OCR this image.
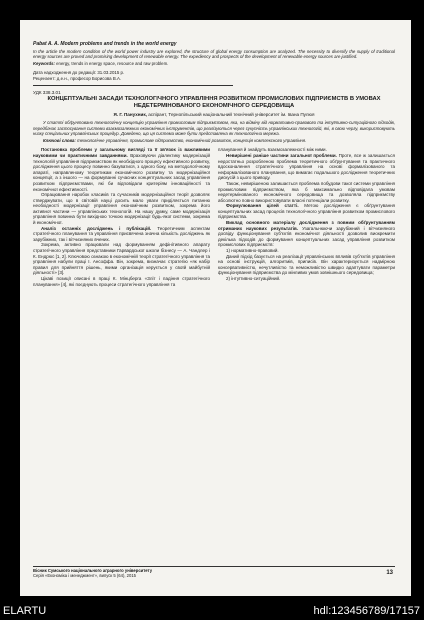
Pabat A. A. Modern problems and trends in the world energy
In the article the modern condition of the world power industry are explored, the structure of global energy consumption are analyzed. The necessity to diversify the supply of traditional energy sources are proved and promising development of renewable energy. The expediency and prospects of the development of renewable energy sources are justified.
Keywords: energy, trends in energy space, resource and raw problem.
Дата надходження до редакції: 31.03.2015 р.
Рецензент: д.е.н., професор Борисова В.А.
УДК 338.3.01
КОНЦЕПТУАЛЬНІ ЗАСАДИ ТЕХНОЛОГІЧНОГО УПРАВЛІННЯ РОЗВИТКОМ ПРОМИСЛОВИХ ПІДПРИЄМСТВ В УМОВАХ НЕДЕТЕРМІНОВАНОГО ЕКОНОМІЧНОГО СЕРЕДОВИЩА
Я. Г. Панухник, аспірант, Тернопільський національний технічний університет ім. Івана Пулюя
У статті обґрунтовано технологічну концепцію управління промисловим підприємством, яка, на відміну від нормативно-правового та інтуїтивно-ситуаційного підходів, передбачає застосування системи взаємозалежних економічних інструментів, що реалізуються через сукупність управлінських технологій, які, в свою чергу, використовують низку спеціальних управлінських процедур. Доведено, що ця система може бути представлена як технологічна мережа.
Ключові слова: технологічне управління, промислове підприємство, економічний розвиток, концепція комплексного управління.

Постановка проблеми у загальному вигляді та її зв'язок із важливими науковими чи практичними завданнями. Враховуючи діалектику модернізацій технологій управління підприємством як необхідного процесу ефективного розвитку, дослідження цього процесу повинно базуватися, з одного боку, на методологічному апараті, направленому теоретикам економічного розвитку та модернізаційної концепції, а з іншого — на формуванні сучасних концептуальних засад управління розвитком підприємствами, які би відповідали критеріям інноваційності та економічної ефективності.

Опрацювання наробок класиків та сучасників модернізаційної теорії дозволяє стверджувати, що в світовій науці досить мало уваги приділяється питанню необхідності модернізації управління економічним розвитком, зокрема його активної частини — управлінських технологій. На нашу думку, саме модернізація управління повинна бути вихідною точкою модернізації будь-якої системи, зокрема й економічної.

Аналіз останніх досліджень і публікацій. Теоретичним аспектам стратегічного планування та управління присвячена значна кількість досліджень як зарубіжних, так і вітчизняних вчених.

Зокрема, активно працювали над формуванням дефінітивного апарату стратегічного управління представники Гарвардської школи бізнесу — А. Чандлер і К. Ендрюс [1, 2]. Ключовою ознакою в економічній теорії стратегічного управління та управління набули праці І. Ансоффа. Він, зокрема, визначає стратегію «як набір правил для прийняття рішень, якими організація керується у своїй майбутній діяльності» [3].

Цікаві позиції описані в праці К. Мінцберга «Зліт і падіння стратегічного планування» [4], які поєднують процеси стратегічного управління та

планування й знайдуть взаємозалежності між ними.

Невирішені раніше частини загальної проблеми. Проте, все ж залишається недостатньо розробленою проблема теоретичного обґрунтування та практичного вдосконалення стратегічного управління на основі формалізованого та неформалізованого планування, що вимагає подальшого дослідження теоретичних дискусій з цього приводу.

Також, невирішеною залишається проблема побудови такої системи управління промисловим підприємством, яка б максимально відповідала умовам недетермінованого економічного середовища та дозволяла підприємству абсолютно повно використовувати власні потенціали розвитку.

Формулювання цілей статті. Метою дослідження є обґрунтування концептуальних засад процесів технологічного управління розвитком промислового підприємства.

Виклад основного матеріалу дослідження з повним обґрунтуванням отриманих наукових результатів. Узагальнюючи зарубіжний і вітчизняного досвіду функціонування суб'єктів економічної діяльності дозволив виокремити декілька підходів до формування концептуальних засад управління розвитком промислових підприємств:

1) нормативно-правовий.

Даний підхід базується на реалізації управлінських впливів суб'єктів управління на основі інструкцій, алгоритмів, приписів. Він характеризується надмірною консервативністю, нечутливістю та неможливістю швидко адаптувати параметри функціонування підприємства до мінливих умов зовнішнього середовища;

2) інтуїтивно-ситуаційний.

Вісник Сумського національного аграрного університету
Серія «Економіка і менеджмент», випуск 5 (64), 2015	13
ELARTU	hdl:123456789/17157
